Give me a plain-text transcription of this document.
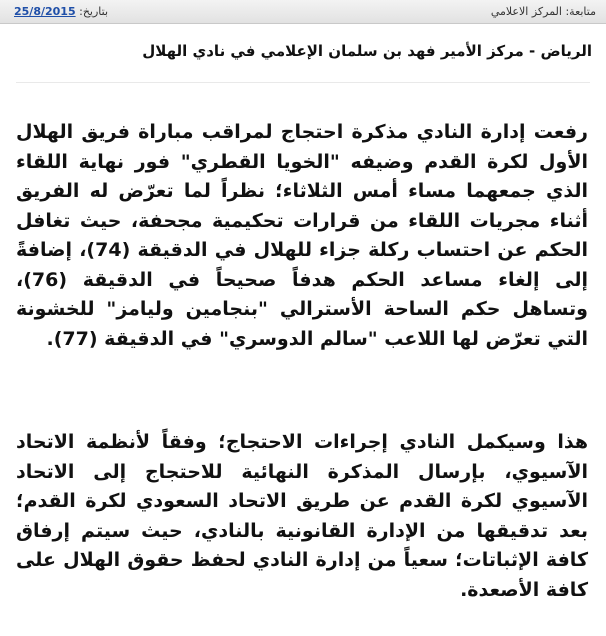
بتاريخ: 25/8/2015	متابعة: المركز الاعلامي
الرياض - مركز الأمير فهد بن سلمان الإعلامي في نادي الهلال

رفعت إدارة النادي مذكرة احتجاج لمراقب مباراة فريق الهلال الأول لكرة القدم وضيفه "الخويا القطري" فور نهاية اللقاء الذي جمعهما مساء أمس الثلاثاء؛ نظراً لما تعرّض له الفريق أثناء مجريات اللقاء من قرارات تحكيمية مجحفة، حيث تغافل الحكم عن احتساب ركلة جزاء للهلال في الدقيقة (74)، إضافةً إلى إلغاء مساعد الحكم هدفاً صحيحاً في الدقيقة (76)، وتساهل حكم الساحة الأسترالي "بنجامين وليامز" للخشونة التي تعرّض لها اللاعب "سالم الدوسري" في الدقيقة (77).

هذا وسيكمل النادي إجراءات الاحتجاج؛ وفقاً لأنظمة الاتحاد الآسيوي، بإرسال المذكرة النهائية للاحتجاج إلى الاتحاد الآسيوي لكرة القدم عن طريق الاتحاد السعودي لكرة القدم؛ بعد تدقيقها من الإدارة القانونية بالنادي، حيث سيتم إرفاق كافة الإثباتات؛ سعياً من إدارة النادي لحفظ حقوق الهلال على كافة الأصعدة.
